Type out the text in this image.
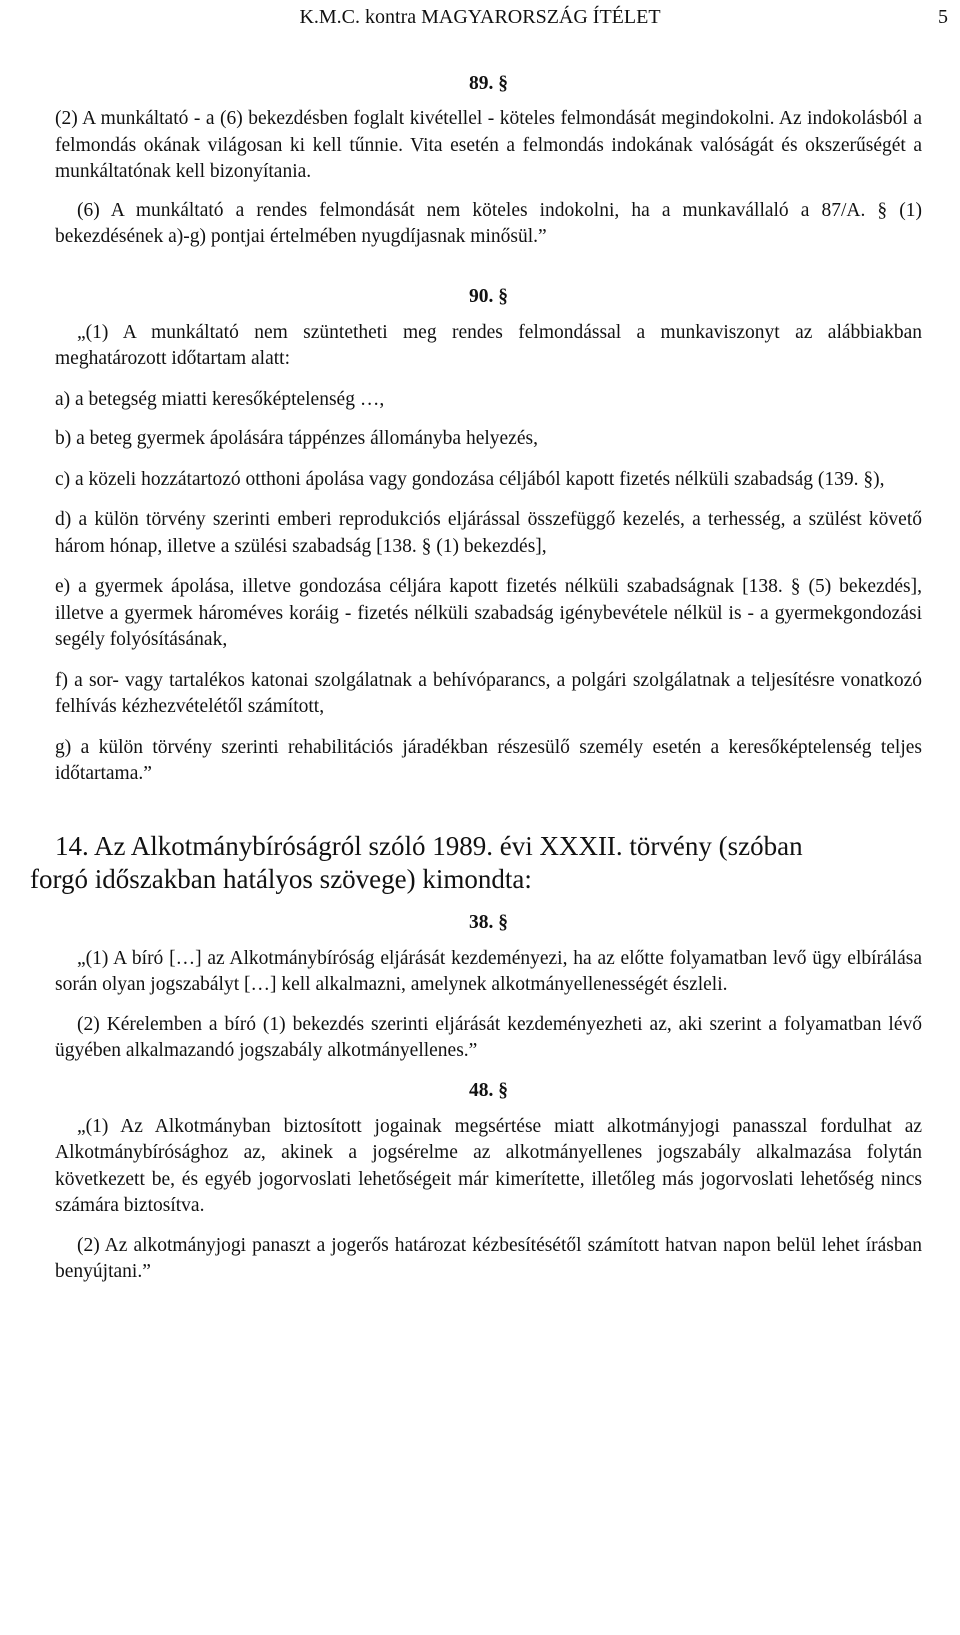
K.M.C. kontra MAGYARORSZÁG ÍTÉLET	5

89. §

(2) A munkáltató - a (6) bekezdésben foglalt kivétellel - köteles felmondását megindokolni. Az indokolásból a felmondás okának világosan ki kell tűnnie. Vita esetén a felmondás indokának valóságát és okszerűségét a munkáltatónak kell bizonyítania.

(6) A munkáltató a rendes felmondását nem köteles indokolni, ha a munkavállaló a 87/A. § (1) bekezdésének a)-g) pontjai értelmében nyugdíjasnak minősül.”

90. §

„(1) A munkáltató nem szüntetheti meg rendes felmondással a munkaviszonyt az alábbiakban meghatározott időtartam alatt:

a) a betegség miatti keresőképtelenség …,

b) a beteg gyermek ápolására táppénzes állományba helyezés,

c) a közeli hozzátartozó otthoni ápolása vagy gondozása céljából kapott fizetés nélküli szabadság (139. §),

d) a külön törvény szerinti emberi reprodukciós eljárással összefüggő kezelés, a terhesség, a szülést követő három hónap, illetve a szülési szabadság [138. § (1) bekezdés],

e) a gyermek ápolása, illetve gondozása céljára kapott fizetés nélküli szabadságnak [138. § (5) bekezdés], illetve a gyermek hároméves koráig - fizetés nélküli szabadság igénybevétele nélkül is - a gyermekgondozási segély folyósításának,

f) a sor- vagy tartalékos katonai szolgálatnak a behívóparancs, a polgári szolgálatnak a teljesítésre vonatkozó felhívás kézhezvételétől számított,

g) a külön törvény szerinti rehabilitációs járadékban részesülő személy esetén a keresőképtelenség teljes időtartama.”

14. Az Alkotmánybíróságról szóló 1989. évi XXXII. törvény (szóban
forgó időszakban hatályos szövege) kimondta:

38. §

„(1) A bíró […] az Alkotmánybíróság eljárását kezdeményezi, ha az előtte folyamatban levő ügy elbírálása során olyan jogszabályt […] kell alkalmazni, amelynek alkotmányellenességét észleli.

(2) Kérelemben a bíró (1) bekezdés szerinti eljárását kezdeményezheti az, aki szerint a folyamatban lévő ügyében alkalmazandó jogszabály alkotmányellenes.”

48. §

„(1) Az Alkotmányban biztosított jogainak megsértése miatt alkotmányjogi panasszal fordulhat az Alkotmánybírósághoz az, akinek a jogsérelme az alkotmányellenes jogszabály alkalmazása folytán következett be, és egyéb jogorvoslati lehetőségeit már kimerítette, illetőleg más jogorvoslati lehetőség nincs számára biztosítva.

(2) Az alkotmányjogi panaszt a jogerős határozat kézbesítésétől számított hatvan napon belül lehet írásban benyújtani.”
